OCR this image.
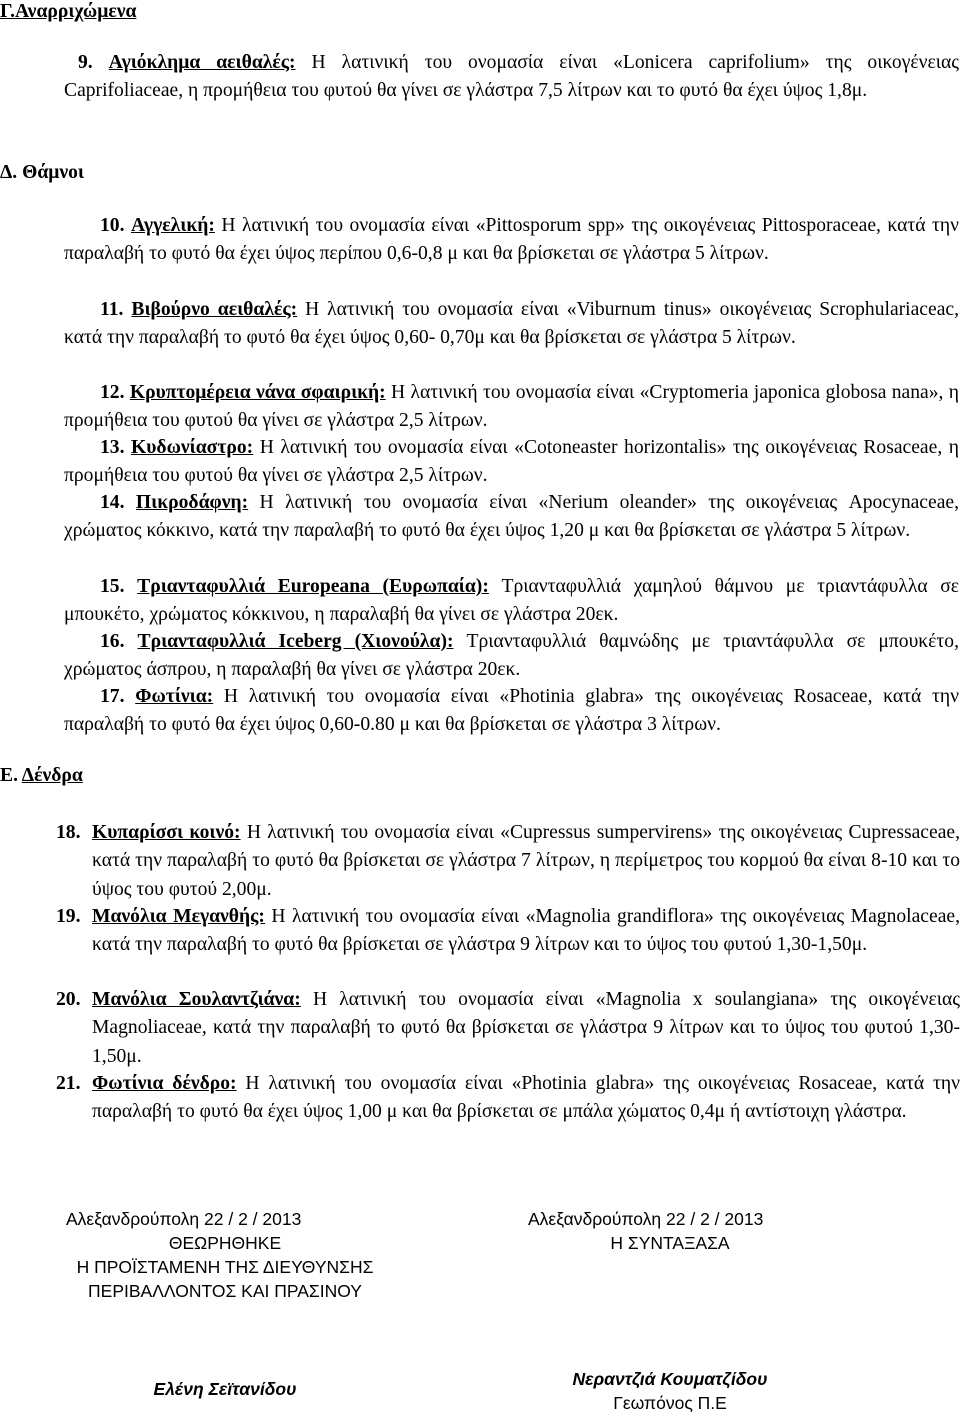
Γ.Αναρριχώμενα
Δ. Θάμνοι
Ε. Δένδρα
9. Αγιόκλημα αειθαλές: Η λατινική του ονομασία είναι «Lonicera caprifolium» της οικογένειας Caprifoliaceae, η προμήθεια του φυτού θα γίνει σε γλάστρα 7,5 λίτρων και το φυτό θα έχει ύψος 1,8μ.
10. Αγγελική: Η λατινική του ονομασία είναι «Pittosporum spp» της οικογένειας Pittosporaceae, κατά την παραλαβή το φυτό θα έχει ύψος περίπου 0,6-0,8 μ και θα βρίσκεται σε γλάστρα 5 λίτρων.
11. Βιβούρνο αειθαλές: Η λατινική του ονομασία είναι «Viburnum tinus» οικογένειας Scrophulariaceac, κατά την παραλαβή το φυτό θα έχει ύψος 0,60- 0,70μ και θα βρίσκεται σε γλάστρα 5 λίτρων.
12. Κρυπτομέρεια νάνα σφαιρική: Η λατινική του ονομασία είναι «Cryptomeria japonica globosa nana», η προμήθεια του φυτού θα γίνει σε γλάστρα 2,5 λίτρων.
13. Κυδωνίαστρο: Η λατινική του ονομασία είναι «Cotoneaster horizontalis» της οικογένειας Rosaceae, η προμήθεια του φυτού θα γίνει σε γλάστρα 2,5 λίτρων.
14. Πικροδάφνη: Η λατινική του ονομασία είναι «Nerium oleander» της οικογένειας Apocynaceae, χρώματος κόκκινο, κατά την παραλαβή το φυτό θα έχει ύψος 1,20 μ και θα βρίσκεται σε γλάστρα 5 λίτρων.
15. Τριανταφυλλιά Europeana (Ευρωπαία): Τριανταφυλλιά χαμηλού θάμνου με τριαντάφυλλα σε μπουκέτο, χρώματος κόκκινου, η παραλαβή θα γίνει σε γλάστρα 20εκ.
16. Τριανταφυλλιά Iceberg (Χιονούλα): Τριανταφυλλιά θαμνώδης με τριαντάφυλλα σε μπουκέτο, χρώματος άσπρου, η παραλαβή θα γίνει σε γλάστρα 20εκ.
17. Φωτίνια: Η λατινική του ονομασία είναι «Photinia glabra» της οικογένειας Rosaceae, κατά την παραλαβή το φυτό θα έχει ύψος 0,60-0.80 μ και θα βρίσκεται σε γλάστρα 3 λίτρων.
18. Κυπαρίσσι κοινό: Η λατινική του ονομασία είναι «Cupressus sumpervirens» της οικογένειας Cupressaceae, κατά την παραλαβή το φυτό θα βρίσκεται σε γλάστρα 7 λίτρων, η περίμετρος του κορμού θα είναι 8-10 και το ύψος του φυτού 2,00μ.
19. Μανόλια Μεγανθής: Η λατινική του ονομασία είναι «Magnolia grandiflora» της οικογένειας Magnolaceae, κατά την παραλαβή το φυτό θα βρίσκεται σε γλάστρα 9 λίτρων και το ύψος του φυτού 1,30-1,50μ.
20. Μανόλια Σουλαντζιάνα: Η λατινική του ονομασία είναι «Magnolia x soulangiana» της οικογένειας Magnoliaceae, κατά την παραλαβή το φυτό θα βρίσκεται σε γλάστρα 9 λίτρων και το ύψος του φυτού 1,30-1,50μ.
21. Φωτίνια δένδρο: Η λατινική του ονομασία είναι «Photinia glabra» της οικογένειας Rosaceae, κατά την παραλαβή το φυτό θα έχει ύψος 1,00 μ και θα βρίσκεται σε μπάλα χώματος 0,4μ ή αντίστοιχη γλάστρα.
Αλεξανδρούπολη 22 / 2 / 2013
ΘΕΩΡΗΘΗΚΕ
Η ΠΡΟΪΣΤΑΜΕΝΗ ΤΗΣ ΔΙΕΥΘΥΝΣΗΣ
ΠΕΡΙΒΑΛΛΟΝΤΟΣ ΚΑΙ ΠΡΑΣΙΝΟΥ
Ελένη Σεϊτανίδου
Αλεξανδρούπολη 22 / 2 / 2013
Η ΣΥΝΤΑΞΑΣΑ
Νεραντζιά Κουματζίδου
Γεωπόνος Π.Ε
